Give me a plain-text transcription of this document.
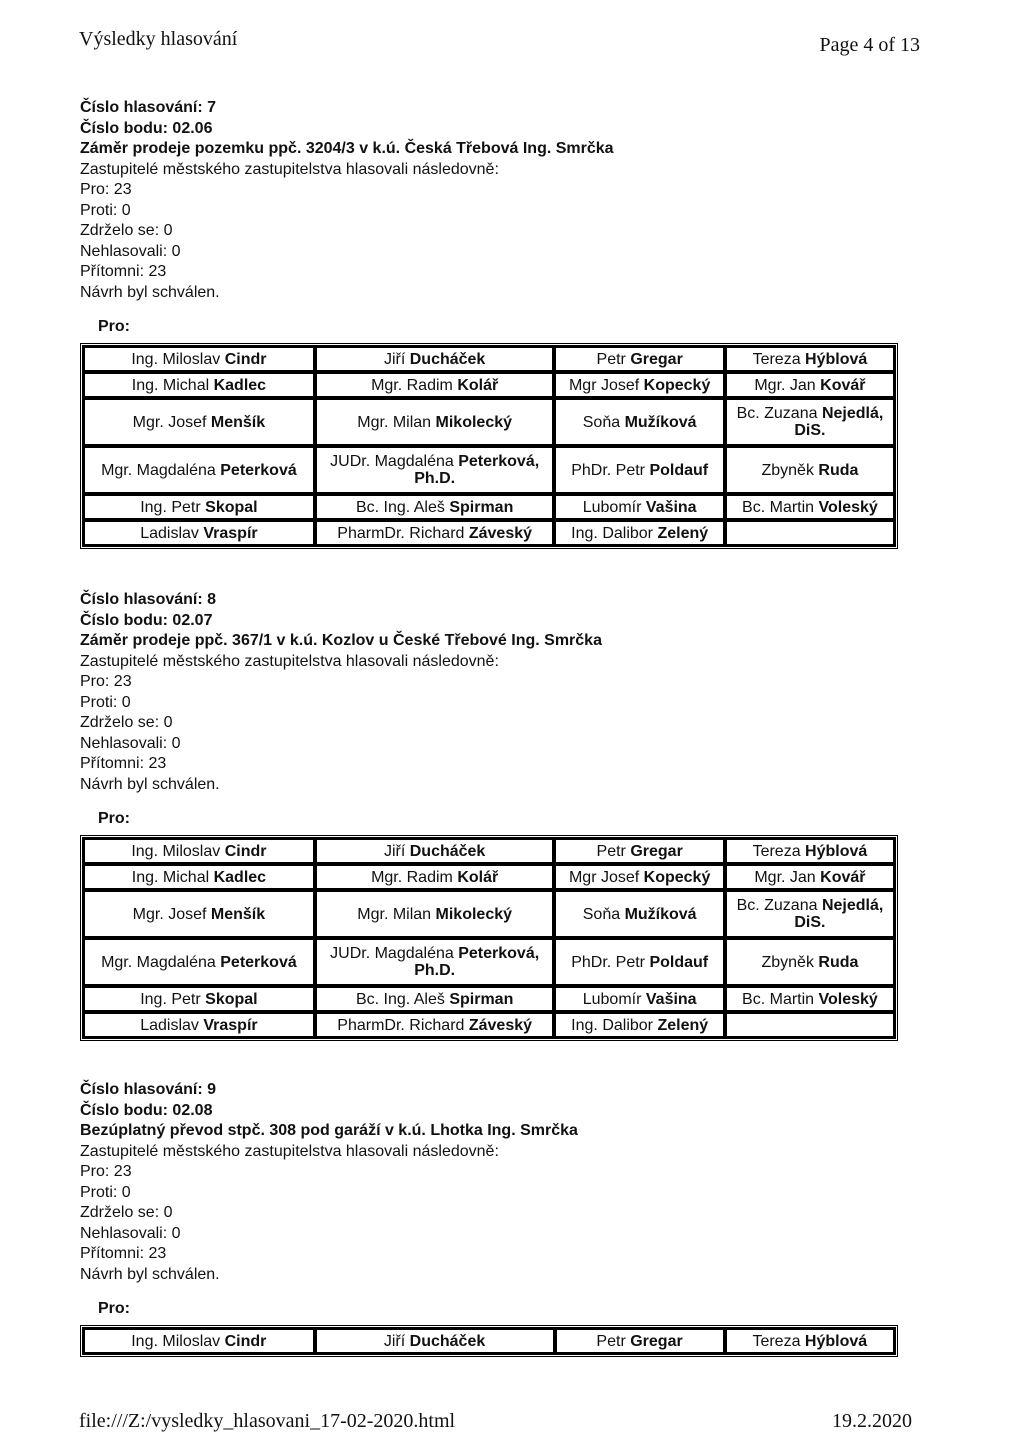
Výsledky hlasování	Page 4 of 13
Číslo hlasování: 7
Číslo bodu: 02.06
Záměr prodeje pozemku ppč. 3204/3 v k.ú. Česká Třebová Ing. Smrčka
Zastupitelé městského zastupitelstva hlasovali následovně:
Pro: 23
Proti: 0
Zdrželo se: 0
Nehlasovali: 0
Přítomni: 23
Návrh byl schválen.
Pro:
Ing. Miloslav Cindr	Jiří Ducháček	Petr Gregar	Tereza Hýblová
Ing. Michal Kadlec	Mgr. Radim Kolář	Mgr Josef Kopecký	Mgr. Jan Kovář
Mgr. Josef Menšík	Mgr. Milan Mikolecký	Soňa Mužíková	Bc. Zuzana Nejedlá, DiS.
Mgr. Magdaléna Peterková	JUDr. Magdaléna Peterková, Ph.D.	PhDr. Petr Poldauf	Zbyněk Ruda
Ing. Petr Skopal	Bc. Ing. Aleš Spirman	Lubomír Vašina	Bc. Martin Voleský
Ladislav Vraspír	PharmDr. Richard Záveský	Ing. Dalibor Zelený	
Číslo hlasování: 8
Číslo bodu: 02.07
Záměr prodeje ppč. 367/1 v k.ú. Kozlov u České Třebové Ing. Smrčka
Zastupitelé městského zastupitelstva hlasovali následovně:
Pro: 23
Proti: 0
Zdrželo se: 0
Nehlasovali: 0
Přítomni: 23
Návrh byl schválen.
Pro:
Ing. Miloslav Cindr	Jiří Ducháček	Petr Gregar	Tereza Hýblová
Ing. Michal Kadlec	Mgr. Radim Kolář	Mgr Josef Kopecký	Mgr. Jan Kovář
Mgr. Josef Menšík	Mgr. Milan Mikolecký	Soňa Mužíková	Bc. Zuzana Nejedlá, DiS.
Mgr. Magdaléna Peterková	JUDr. Magdaléna Peterková, Ph.D.	PhDr. Petr Poldauf	Zbyněk Ruda
Ing. Petr Skopal	Bc. Ing. Aleš Spirman	Lubomír Vašina	Bc. Martin Voleský
Ladislav Vraspír	PharmDr. Richard Záveský	Ing. Dalibor Zelený	
Číslo hlasování: 9
Číslo bodu: 02.08
Bezúplatný převod stpč. 308 pod garáží v k.ú. Lhotka Ing. Smrčka
Zastupitelé městského zastupitelstva hlasovali následovně:
Pro: 23
Proti: 0
Zdrželo se: 0
Nehlasovali: 0
Přítomni: 23
Návrh byl schválen.
Pro:
Ing. Miloslav Cindr	Jiří Ducháček	Petr Gregar	Tereza Hýblová
file:///Z:/vysledky_hlasovani_17-02-2020.html	19.2.2020
